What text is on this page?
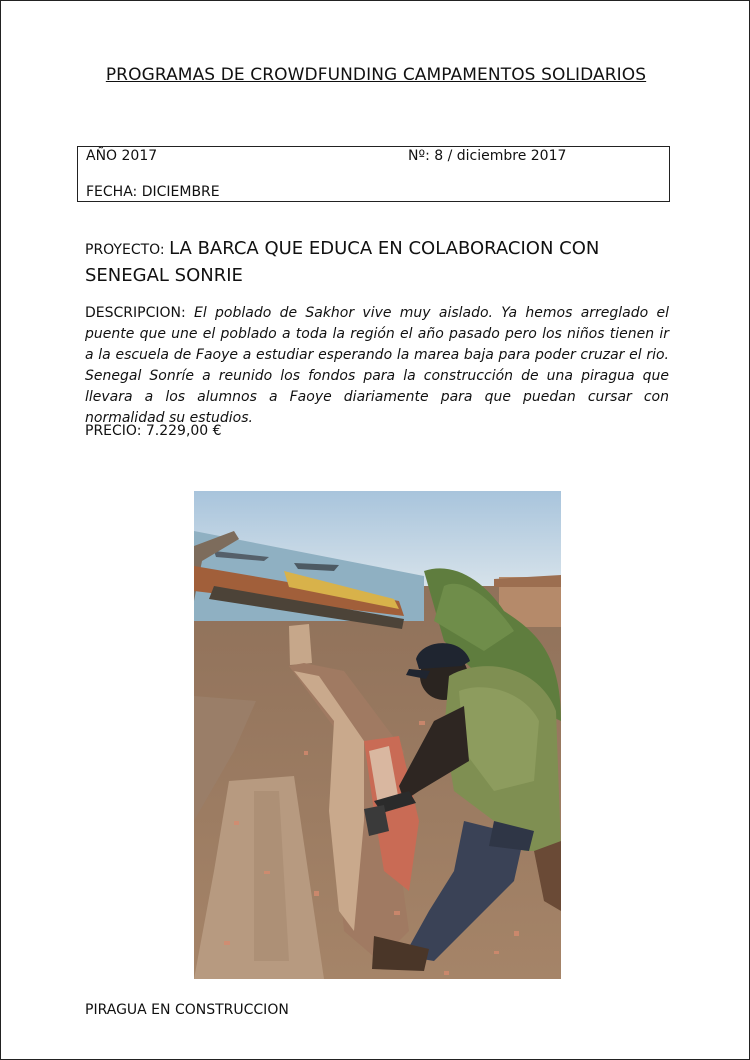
PROGRAMAS DE CROWDFUNDING CAMPAMENTOS SOLIDARIOS
AÑO 2017	Nº: 8 / diciembre 2017
FECHA: DICIEMBRE
PROYECTO: LA BARCA QUE EDUCA EN COLABORACION CON SENEGAL SONRIE
DESCRIPCION: El poblado de Sakhor vive muy aislado. Ya hemos arreglado el puente que une el poblado a toda la región el año pasado pero los niños tienen ir a la escuela de Faoye a estudiar esperando la marea baja para poder cruzar el rio. Senegal Sonríe a reunido los fondos para la construcción de una piragua que llevara a los alumnos a Faoye diariamente para que puedan cursar con normalidad su estudios.
PRECIO: 7.229,00 €
PIRAGUA EN CONSTRUCCION
